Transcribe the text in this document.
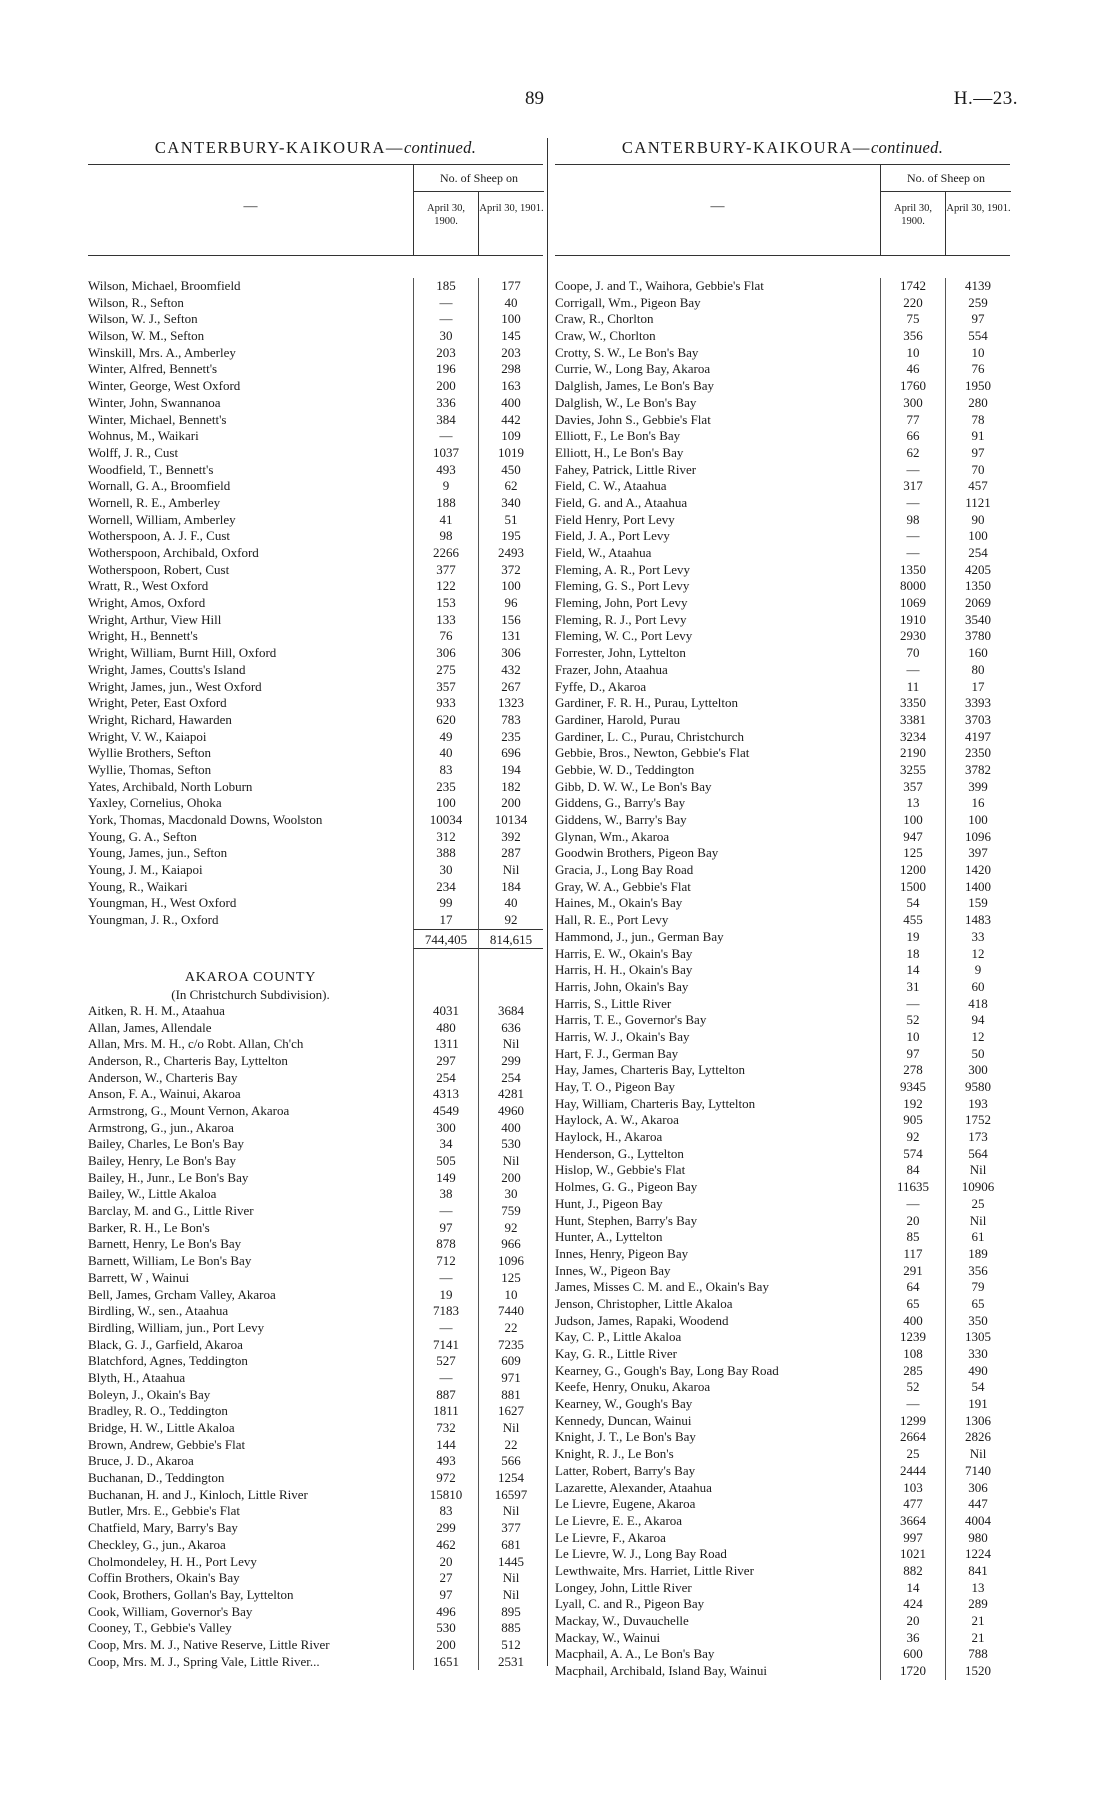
89	H.—23.
CANTERBURY-KAIKOURA—continued.
—
No. of Sheep on
April 30, 1900.
April 30, 1901.
Wilson, Michael, Broomfield	185	177
Wilson, R., Sefton	—	40
Wilson, W. J., Sefton	—	100
Wilson, W. M., Sefton	30	145
Winskill, Mrs. A., Amberley	203	203
Winter, Alfred, Bennett's	196	298
Winter, George, West Oxford	200	163
Winter, John, Swannanoa	336	400
Winter, Michael, Bennett's	384	442
Wohnus, M., Waikari	—	109
Wolff, J. R., Cust	1037	1019
Woodfield, T., Bennett's	493	450
Wornall, G. A., Broomfield	9	62
Wornell, R. E., Amberley	188	340
Wornell, William, Amberley	41	51
Wotherspoon, A. J. F., Cust	98	195
Wotherspoon, Archibald, Oxford	2266	2493
Wotherspoon, Robert, Cust	377	372
Wratt, R., West Oxford	122	100
Wright, Amos, Oxford	153	96
Wright, Arthur, View Hill	133	156
Wright, H., Bennett's	76	131
Wright, William, Burnt Hill, Oxford	306	306
Wright, James, Coutts's Island	275	432
Wright, James, jun., West Oxford	357	267
Wright, Peter, East Oxford	933	1323
Wright, Richard, Hawarden	620	783
Wright, V. W., Kaiapoi	49	235
Wyllie Brothers, Sefton	40	696
Wyllie, Thomas, Sefton	83	194
Yates, Archibald, North Loburn	235	182
Yaxley, Cornelius, Ohoka	100	200
York, Thomas, Macdonald Downs, Woolston	10034	10134
Young, G. A., Sefton	312	392
Young, James, jun., Sefton	388	287
Young, J. M., Kaiapoi	30	Nil
Young, R., Waikari	234	184
Youngman, H., West Oxford	99	40
Youngman, J. R., Oxford	17	92
744,405	814,615
AKAROA COUNTY
(In Christchurch Subdivision).
Aitken, R. H. M., Ataahua	4031	3684
Allan, James, Allendale	480	636
Allan, Mrs. M. H., c/o Robt. Allan, Ch'ch	1311	Nil
Anderson, R., Charteris Bay, Lyttelton	297	299
Anderson, W., Charteris Bay	254	254
Anson, F. A., Wainui, Akaroa	4313	4281
Armstrong, G., Mount Vernon, Akaroa	4549	4960
Armstrong, G., jun., Akaroa	300	400
Bailey, Charles, Le Bon's Bay	34	530
Bailey, Henry, Le Bon's Bay	505	Nil
Bailey, H., Junr., Le Bon's Bay	149	200
Bailey, W., Little Akaloa	38	30
Barclay, M. and G., Little River	—	759
Barker, R. H., Le Bon's	97	92
Barnett, Henry, Le Bon's Bay	878	966
Barnett, William, Le Bon's Bay	712	1096
Barrett, W , Wainui	—	125
Bell, James, Grcham Valley, Akaroa	19	10
Birdling, W., sen., Ataahua	7183	7440
Birdling, William, jun., Port Levy	—	22
Black, G. J., Garfield, Akaroa	7141	7235
Blatchford, Agnes, Teddington	527	609
Blyth, H., Ataahua	—	971
Boleyn, J., Okain's Bay	887	881
Bradley, R. O., Teddington	1811	1627
Bridge, H. W., Little Akaloa	732	Nil
Brown, Andrew, Gebbie's Flat	144	22
Bruce, J. D., Akaroa	493	566
Buchanan, D., Teddington	972	1254
Buchanan, H. and J., Kinloch, Little River	15810	16597
Butler, Mrs. E., Gebbie's Flat	83	Nil
Chatfield, Mary, Barry's Bay	299	377
Checkley, G., jun., Akaroa	462	681
Cholmondeley, H. H., Port Levy	20	1445
Coffin Brothers, Okain's Bay	27	Nil
Cook, Brothers, Gollan's Bay, Lyttelton	97	Nil
Cook, William, Governor's Bay	496	895
Cooney, T., Gebbie's Valley	530	885
Coop, Mrs. M. J., Native Reserve, Little River	200	512
Coop, Mrs. M. J., Spring Vale, Little River...	1651	2531
CANTERBURY-KAIKOURA—continued.
—
No. of Sheep on
April 30, 1900.
April 30, 1901.
Coope, J. and T., Waihora, Gebbie's Flat	1742	4139
Corrigall, Wm., Pigeon Bay	220	259
Craw, R., Chorlton	75	97
Craw, W., Chorlton	356	554
Crotty, S. W., Le Bon's Bay	10	10
Currie, W., Long Bay, Akaroa	46	76
Dalglish, James, Le Bon's Bay	1760	1950
Dalglish, W., Le Bon's Bay	300	280
Davies, John S., Gebbie's Flat	77	78
Elliott, F., Le Bon's Bay	66	91
Elliott, H., Le Bon's Bay	62	97
Fahey, Patrick, Little River	—	70
Field, C. W., Ataahua	317	457
Field, G. and A., Ataahua	—	1121
Field Henry, Port Levy	98	90
Field, J. A., Port Levy	—	100
Field, W., Ataahua	—	254
Fleming, A. R., Port Levy	1350	4205
Fleming, G. S., Port Levy	8000	1350
Fleming, John, Port Levy	1069	2069
Fleming, R. J., Port Levy	1910	3540
Fleming, W. C., Port Levy	2930	3780
Forrester, John, Lyttelton	70	160
Frazer, John, Ataahua	—	80
Fyffe, D., Akaroa	11	17
Gardiner, F. R. H., Purau, Lyttelton	3350	3393
Gardiner, Harold, Purau	3381	3703
Gardiner, L. C., Purau, Christchurch	3234	4197
Gebbie, Bros., Newton, Gebbie's Flat	2190	2350
Gebbie, W. D., Teddington	3255	3782
Gibb, D. W. W., Le Bon's Bay	357	399
Giddens, G., Barry's Bay	13	16
Giddens, W., Barry's Bay	100	100
Glynan, Wm., Akaroa	947	1096
Goodwin Brothers, Pigeon Bay	125	397
Gracia, J., Long Bay Road	1200	1420
Gray, W. A., Gebbie's Flat	1500	1400
Haines, M., Okain's Bay	54	159
Hall, R. E., Port Levy	455	1483
Hammond, J., jun., German Bay	19	33
Harris, E. W., Okain's Bay	18	12
Harris, H. H., Okain's Bay	14	9
Harris, John, Okain's Bay	31	60
Harris, S., Little River	—	418
Harris, T. E., Governor's Bay	52	94
Harris, W. J., Okain's Bay	10	12
Hart, F. J., German Bay	97	50
Hay, James, Charteris Bay, Lyttelton	278	300
Hay, T. O., Pigeon Bay	9345	9580
Hay, William, Charteris Bay, Lyttelton	192	193
Haylock, A. W., Akaroa	905	1752
Haylock, H., Akaroa	92	173
Henderson, G., Lyttelton	574	564
Hislop, W., Gebbie's Flat	84	Nil
Holmes, G. G., Pigeon Bay	11635	10906
Hunt, J., Pigeon Bay	—	25
Hunt, Stephen, Barry's Bay	20	Nil
Hunter, A., Lyttelton	85	61
Innes, Henry, Pigeon Bay	117	189
Innes, W., Pigeon Bay	291	356
James, Misses C. M. and E., Okain's Bay	64	79
Jenson, Christopher, Little Akaloa	65	65
Judson, James, Rapaki, Woodend	400	350
Kay, C. P., Little Akaloa	1239	1305
Kay, G. R., Little River	108	330
Kearney, G., Gough's Bay, Long Bay Road	285	490
Keefe, Henry, Onuku, Akaroa	52	54
Kearney, W., Gough's Bay	—	191
Kennedy, Duncan, Wainui	1299	1306
Knight, J. T., Le Bon's Bay	2664	2826
Knight, R. J., Le Bon's	25	Nil
Latter, Robert, Barry's Bay	2444	7140
Lazarette, Alexander, Ataahua	103	306
Le Lievre, Eugene, Akaroa	477	447
Le Lievre, E. E., Akaroa	3664	4004
Le Lievre, F., Akaroa	997	980
Le Lievre, W. J., Long Bay Road	1021	1224
Lewthwaite, Mrs. Harriet, Little River	882	841
Longey, John, Little River	14	13
Lyall, C. and R., Pigeon Bay	424	289
Mackay, W., Duvauchelle	20	21
Mackay, W., Wainui	36	21
Macphail, A. A., Le Bon's Bay	600	788
Macphail, Archibald, Island Bay, Wainui	1720	1520
